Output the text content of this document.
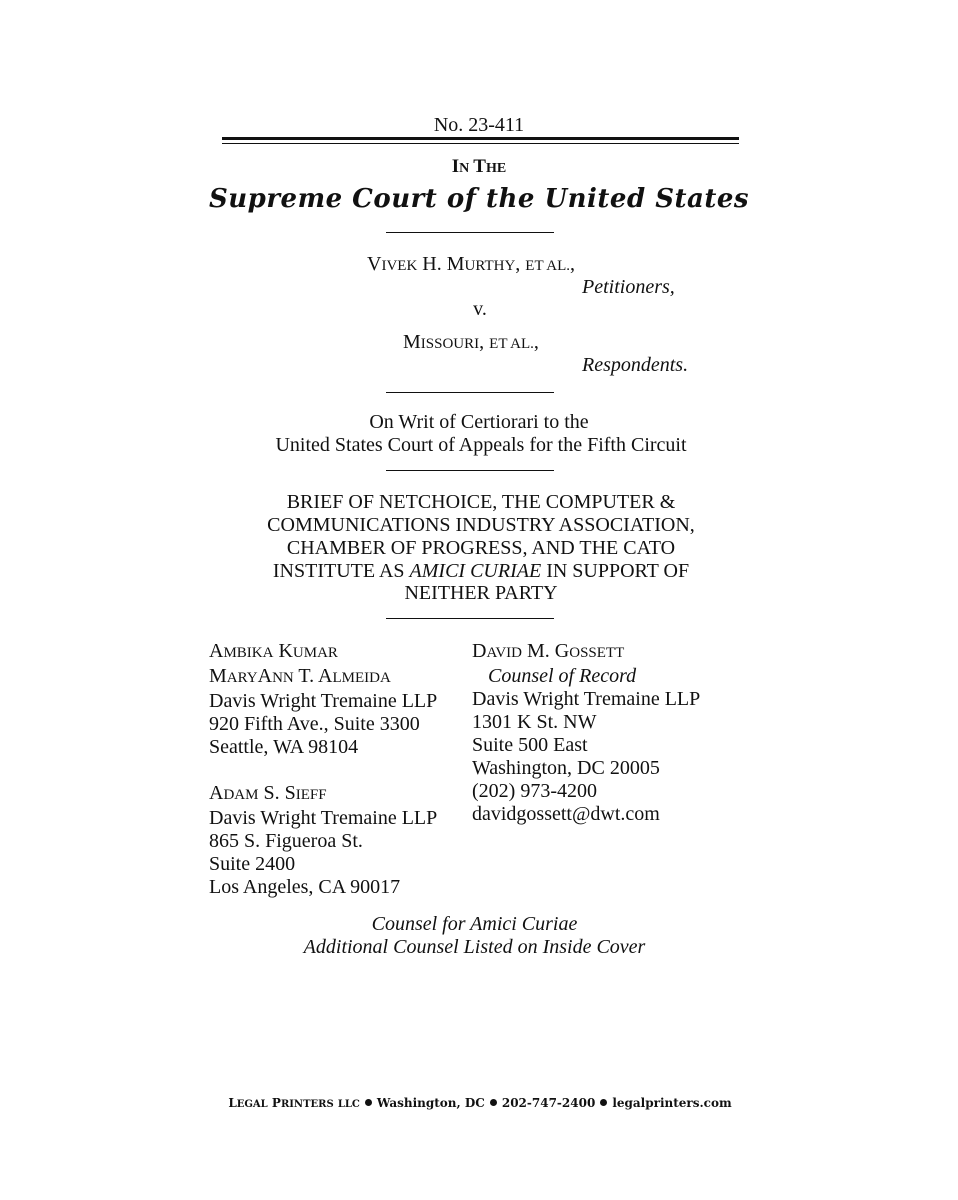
No. 23-411
IN THE
Supreme Court of the United States
VIVEK H. MURTHY, ET AL.,
Petitioners,
v.
MISSOURI, ET AL.,
Respondents.
On Writ of Certiorari to the
United States Court of Appeals for the Fifth Circuit
BRIEF OF NETCHOICE, THE COMPUTER &
COMMUNICATIONS INDUSTRY ASSOCIATION,
CHAMBER OF PROGRESS, AND THE CATO
INSTITUTE AS AMICI CURIAE IN SUPPORT OF
NEITHER PARTY
AMBIKA KUMAR
MARYANN T. ALMEIDA
Davis Wright Tremaine LLP
920 Fifth Ave., Suite 3300
Seattle, WA 98104
ADAM S. SIEFF
Davis Wright Tremaine LLP
865 S. Figueroa St.
Suite 2400
Los Angeles, CA 90017
DAVID M. GOSSETT
Counsel of Record
Davis Wright Tremaine LLP
1301 K St. NW
Suite 500 East
Washington, DC 20005
(202) 973-4200
davidgossett@dwt.com
Counsel for Amici Curiae
Additional Counsel Listed on Inside Cover
LEGAL PRINTERS LLC Washington, DC 202-747-2400 legalprinters.com
